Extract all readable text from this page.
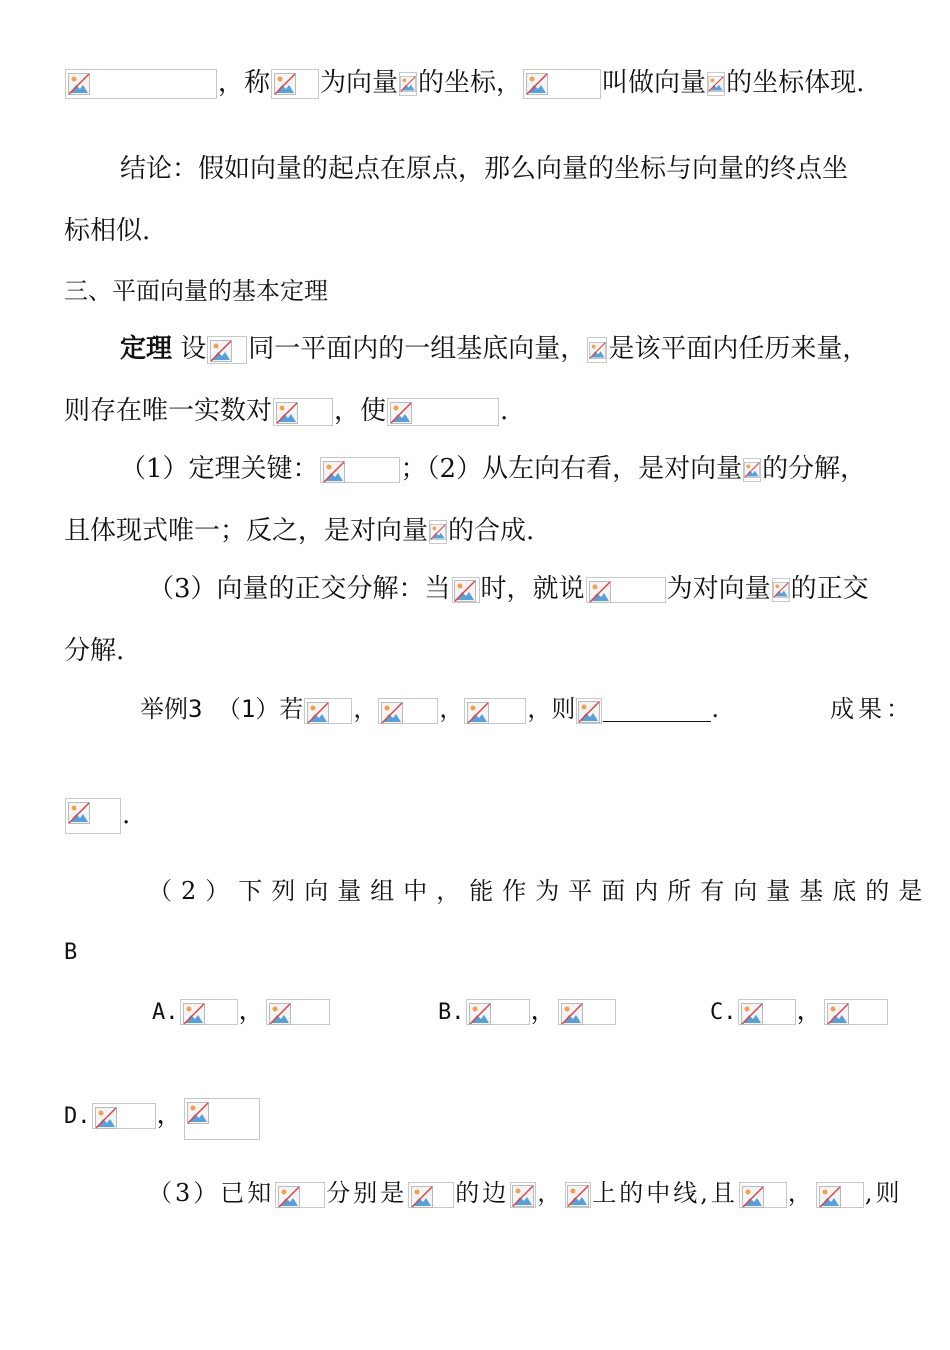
，称 为向量 的坐标，	叫做向量 的坐标体现.
结论：假如向量的起点在原点，那么向量的坐标与向量的终点坐
标相似.
三、平面向量的基本定理
定理 设 同一平面内的一组基底向量， 是该平面内任历来量，
则存在唯一实数对 ，使	.
（1）定理关键：	；（2）从左向右看，是对向量 的分解，
且体现式唯一；反之，是对向量 的合成.
（3）向量的正交分解：当 时，就说	为对向量 的正交
分解.
举例3 （1）若 ，	，	，则	.	成果：
.
（2）下列向量组中，能作为平面内所有向量基底的是
B
A. ，	B.	，	C. ，
D.	，
（3）已知 分别是 的边 ， 上的中线,且 ， ,则
